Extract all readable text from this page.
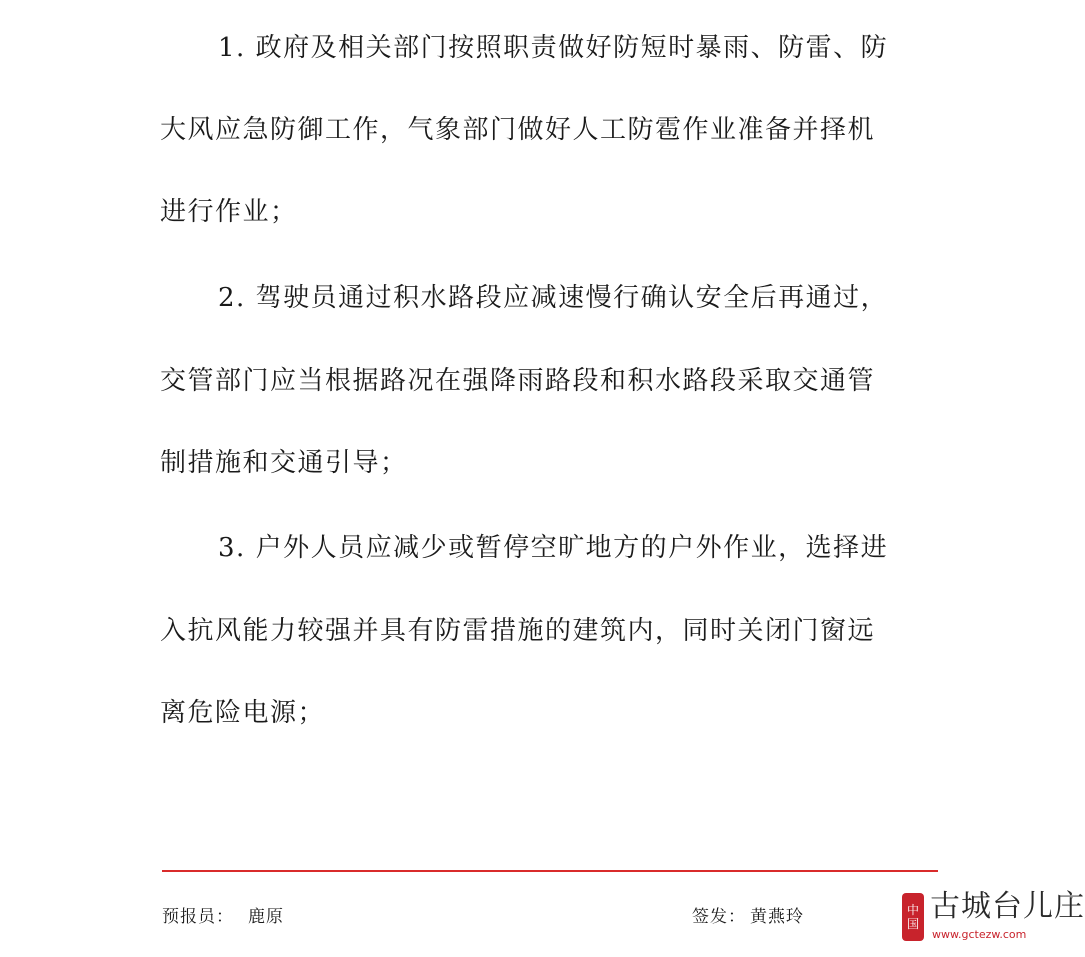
1. 政府及相关部门按照职责做好防短时暴雨、防雷、防
大风应急防御工作，气象部门做好人工防雹作业准备并择机
进行作业；
2. 驾驶员通过积水路段应减速慢行确认安全后再通过，
交管部门应当根据路况在强降雨路段和积水路段采取交通管
制措施和交通引导；
3. 户外人员应减少或暂停空旷地方的户外作业，选择进
入抗风能力较强并具有防雷措施的建筑内，同时关闭门窗远
离危险电源；
预报员： 鹿原	签发： 黄燕玲	中
国 古城台儿庄
www.gctezw.com
